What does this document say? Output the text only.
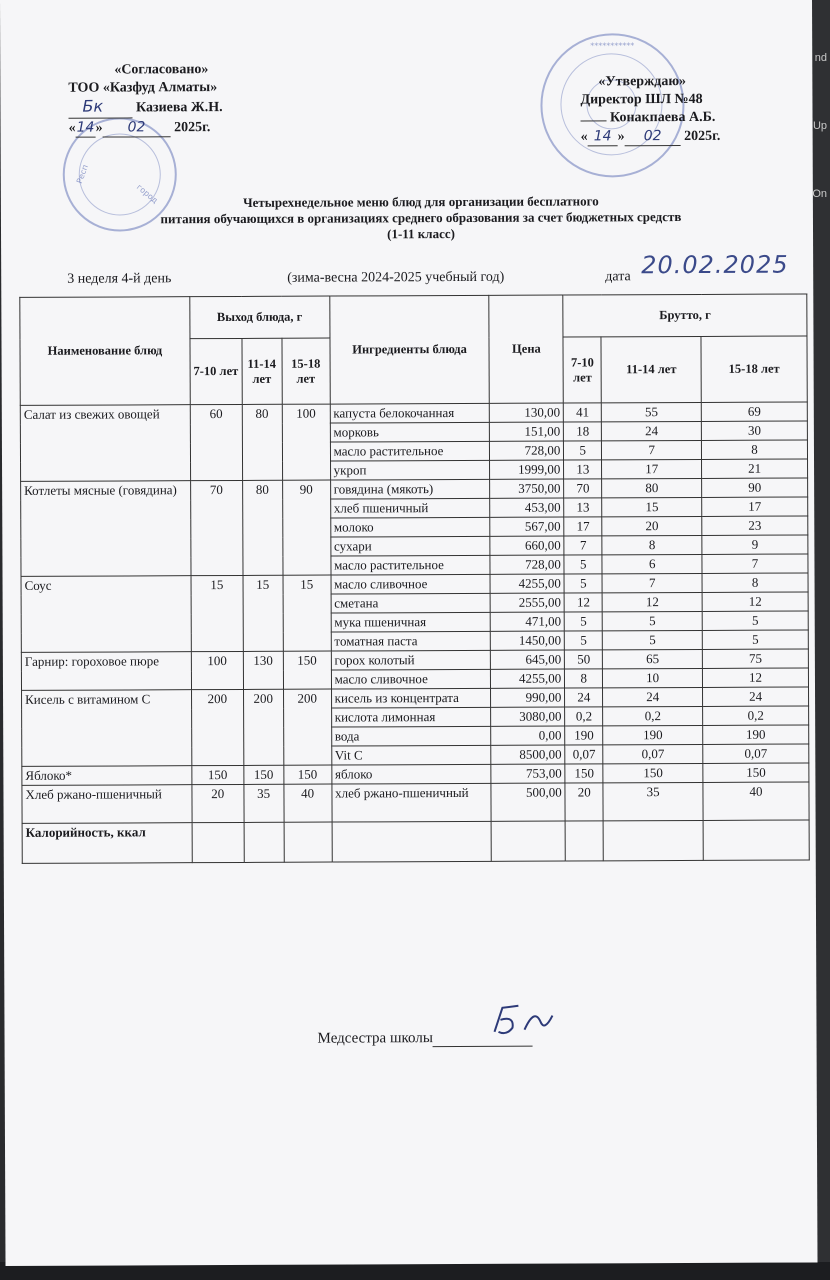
nd
Up
On
Респ
город
***********
«Согласовано»
ТОО «Казфуд Алматы»
Бк Казиева Ж.Н.
«14» 02 2025г.
«Утверждаю»
Директор ШЛ №48
Конакпаева А.Б.
« 14 » 02 2025г.
Четырехнедельное меню блюд для организации бесплатного
питания обучающихся в организациях среднего образования за счет бюджетных средств
(1-11 класс)
3 неделя 4-й день	(зима-весна 2024-2025 учебный год)	дата 20.02.2025
Наименование блюд	Выход блюда, г			Ингредиенты блюда	Цена	Брутто, г		
	7-10 лет	11-14 лет	15-18 лет			7-10 лет	11-14 лет	15-18 лет
Салат из свежих овощей	60	80	100	капуста белокочанная	130,00	41	55	69
				морковь	151,00	18	24	30
				масло растительное	728,00	5	7	8
				укроп	1999,00	13	17	21
Котлеты мясные (говядина)	70	80	90	говядина (мякоть)	3750,00	70	80	90
				хлеб пшеничный	453,00	13	15	17
				молоко	567,00	17	20	23
				сухари	660,00	7	8	9
				масло растительное	728,00	5	6	7
Соус	15	15	15	масло сливочное	4255,00	5	7	8
				сметана	2555,00	12	12	12
				мука пшеничная	471,00	5	5	5
				томатная паста	1450,00	5	5	5
Гарнир: гороховое пюре	100	130	150	горох колотый	645,00	50	65	75
				масло сливочное	4255,00	8	10	12
Кисель с витамином С	200	200	200	кисель из концентрата	990,00	24	24	24
				кислота лимонная	3080,00	0,2	0,2	0,2
				вода	0,00	190	190	190
				Vit C	8500,00	0,07	0,07	0,07
Яблоко*	150	150	150	яблоко	753,00	150	150	150
Хлеб ржано-пшеничный	20	35	40	хлеб ржано-пшеничный	500,00	20	35	40
Калорийность, ккал								
Медсестра школы
